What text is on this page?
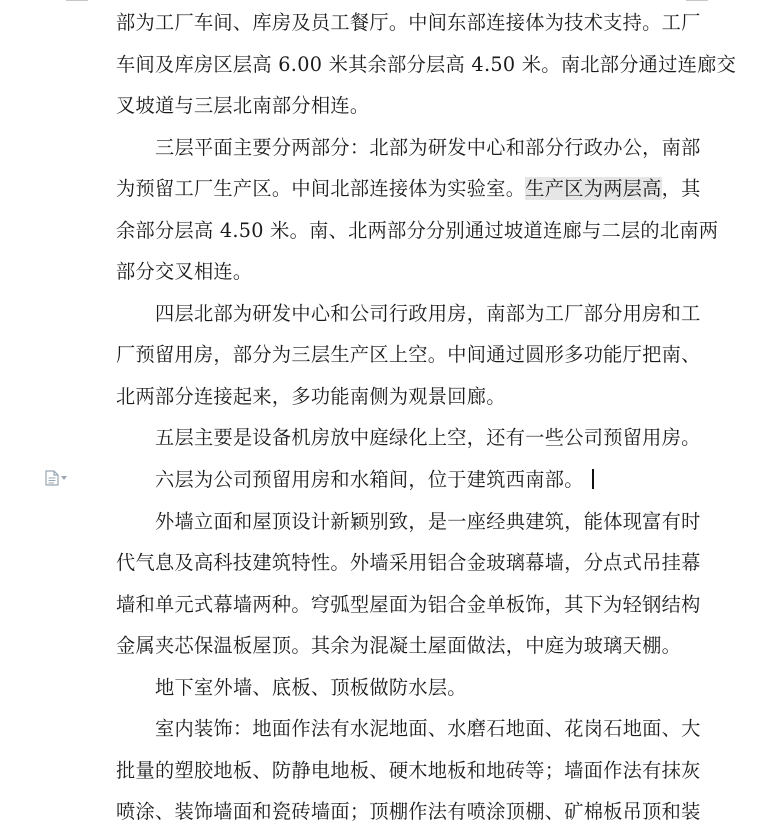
部为工厂车间、库房及员工餐厅。中间东部连接体为技术支持。工厂
车间及库房区层高 6.00 米其余部分层高 4.50 米。南北部分通过连廊交
叉坡道与三层北南部分相连。
三层平面主要分两部分：北部为研发中心和部分行政办公，南部
为预留工厂生产区。中间北部连接体为实验室。生产区为两层高，其
余部分层高 4.50 米。南、北两部分分别通过坡道连廊与二层的北南两
部分交叉相连。
四层北部为研发中心和公司行政用房，南部为工厂部分用房和工
厂预留用房，部分为三层生产区上空。中间通过圆形多功能厅把南、
北两部分连接起来，多功能南侧为观景回廊。
五层主要是设备机房放中庭绿化上空，还有一些公司预留用房。
六层为公司预留用房和水箱间，位于建筑西南部。
外墙立面和屋顶设计新颖别致，是一座经典建筑，能体现富有时
代气息及高科技建筑特性。外墙采用铝合金玻璃幕墙，分点式吊挂幕
墙和单元式幕墙两种。穹弧型屋面为铝合金单板饰，其下为轻钢结构
金属夹芯保温板屋顶。其余为混凝土屋面做法，中庭为玻璃天棚。
地下室外墙、底板、顶板做防水层。
室内装饰：地面作法有水泥地面、水磨石地面、花岗石地面、大
批量的塑胶地板、防静电地板、硬木地板和地砖等；墙面作法有抹灰
喷涂、装饰墙面和瓷砖墙面；顶棚作法有喷涂顶棚、矿棉板吊顶和装
